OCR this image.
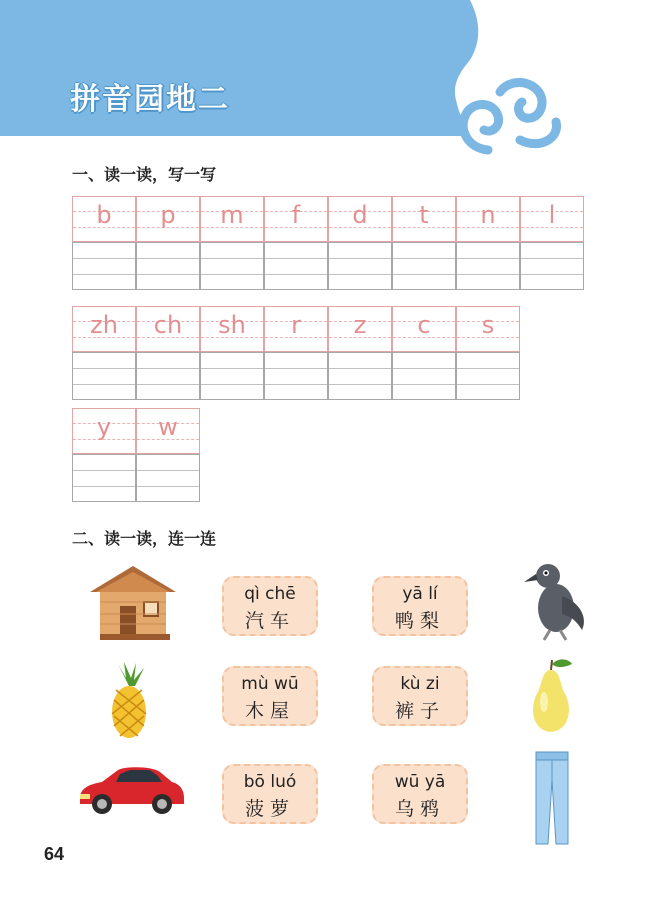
拼音园地二
一、读一读，写一写
b	p	m	f	d	t	n	l
zh	ch	sh	r	z	c	s
y	w
二、读一读，连一连
qì chē
汽车
mù wū
木屋
bō luó
菠萝
yā lí
鸭梨
kù zi
裤子
wū yā
乌鸦
64
